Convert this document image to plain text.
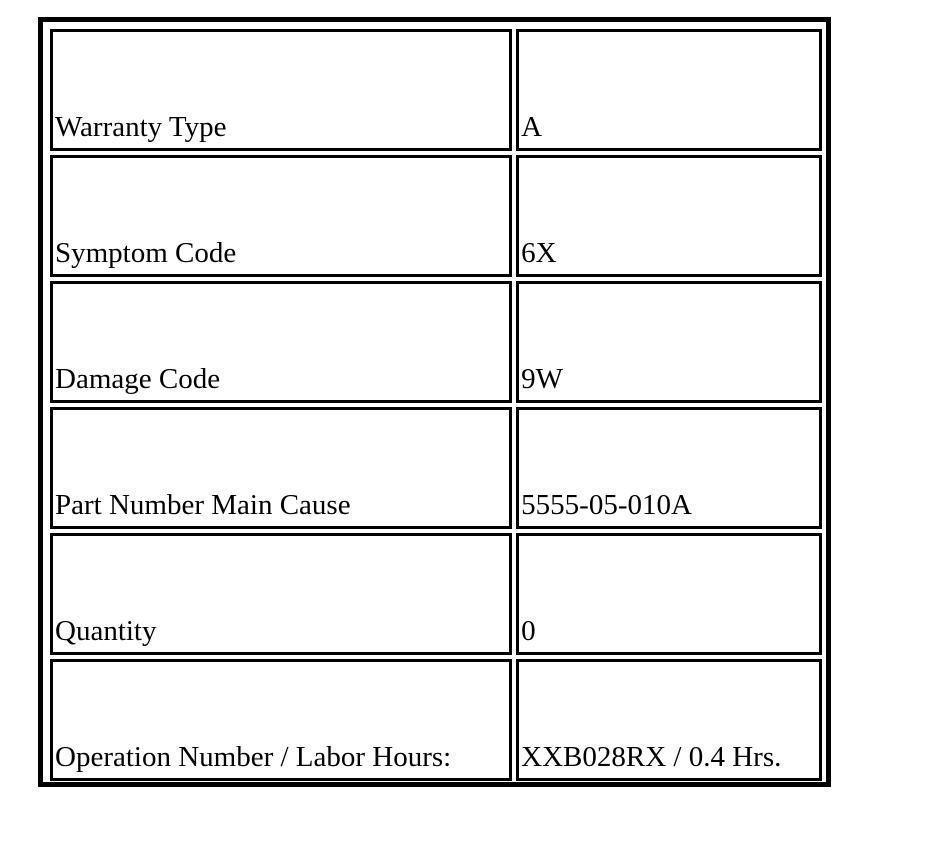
Warranty Type	A
Symptom Code	6X
Damage Code	9W
Part Number Main Cause	5555-05-010A
Quantity	0
Operation Number / Labor Hours:	XXB028RX / 0.4 Hrs.
